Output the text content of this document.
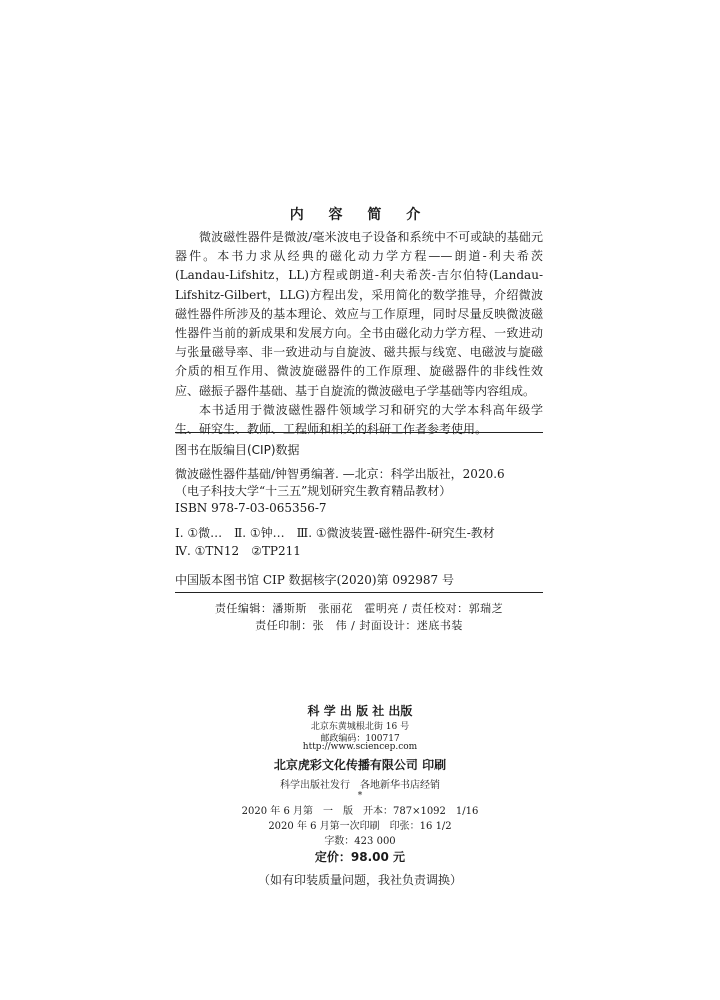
内 容 简 介

微波磁性器件是微波/毫米波电子设备和系统中不可或缺的基础元器件。本书力求从经典的磁化动力学方程——朗道-利夫希茨(Landau-Lifshitz，LL)方程或朗道-利夫希茨-吉尔伯特(Landau-Lifshitz-Gilbert，LLG)方程出发，采用简化的数学推导，介绍微波磁性器件所涉及的基本理论、效应与工作原理，同时尽量反映微波磁性器件当前的新成果和发展方向。全书由磁化动力学方程、一致进动与张量磁导率、非一致进动与自旋波、磁共振与线宽、电磁波与旋磁介质的相互作用、微波旋磁器件的工作原理、旋磁器件的非线性效应、磁振子器件基础、基于自旋流的微波磁电子学基础等内容组成。

本书适用于微波磁性器件领域学习和研究的大学本科高年级学生、研究生、教师、工程师和相关的科研工作者参考使用。

图书在版编目(CIP)数据
微波磁性器件基础/钟智勇编著. —北京：科学出版社，2020.6
（电子科技大学“十三五”规划研究生教育精品教材）
ISBN 978-7-03-065356-7
Ⅰ. ①微…　Ⅱ. ①钟…　Ⅲ. ①微波装置-磁性器件-研究生-教材
Ⅳ. ①TN12　②TP211
中国版本图书馆 CIP 数据核字(2020)第 092987 号
责任编辑：潘斯斯　张丽花　霍明亮 / 责任校对：郭瑞芝
责任印制：张　伟 / 封面设计：迷底书装
科 学 出 版 社 出版
北京东黄城根北街 16 号
邮政编码：100717
http://www.sciencep.com
北京虎彩文化传播有限公司 印刷
科学出版社发行　各地新华书店经销
*
2020 年 6 月第　一　版　开本：787×1092　1/16
2020 年 6 月第一次印刷　印张：16 1/2
字数：423 000
定价：98.00 元
（如有印装质量问题，我社负责调换）
